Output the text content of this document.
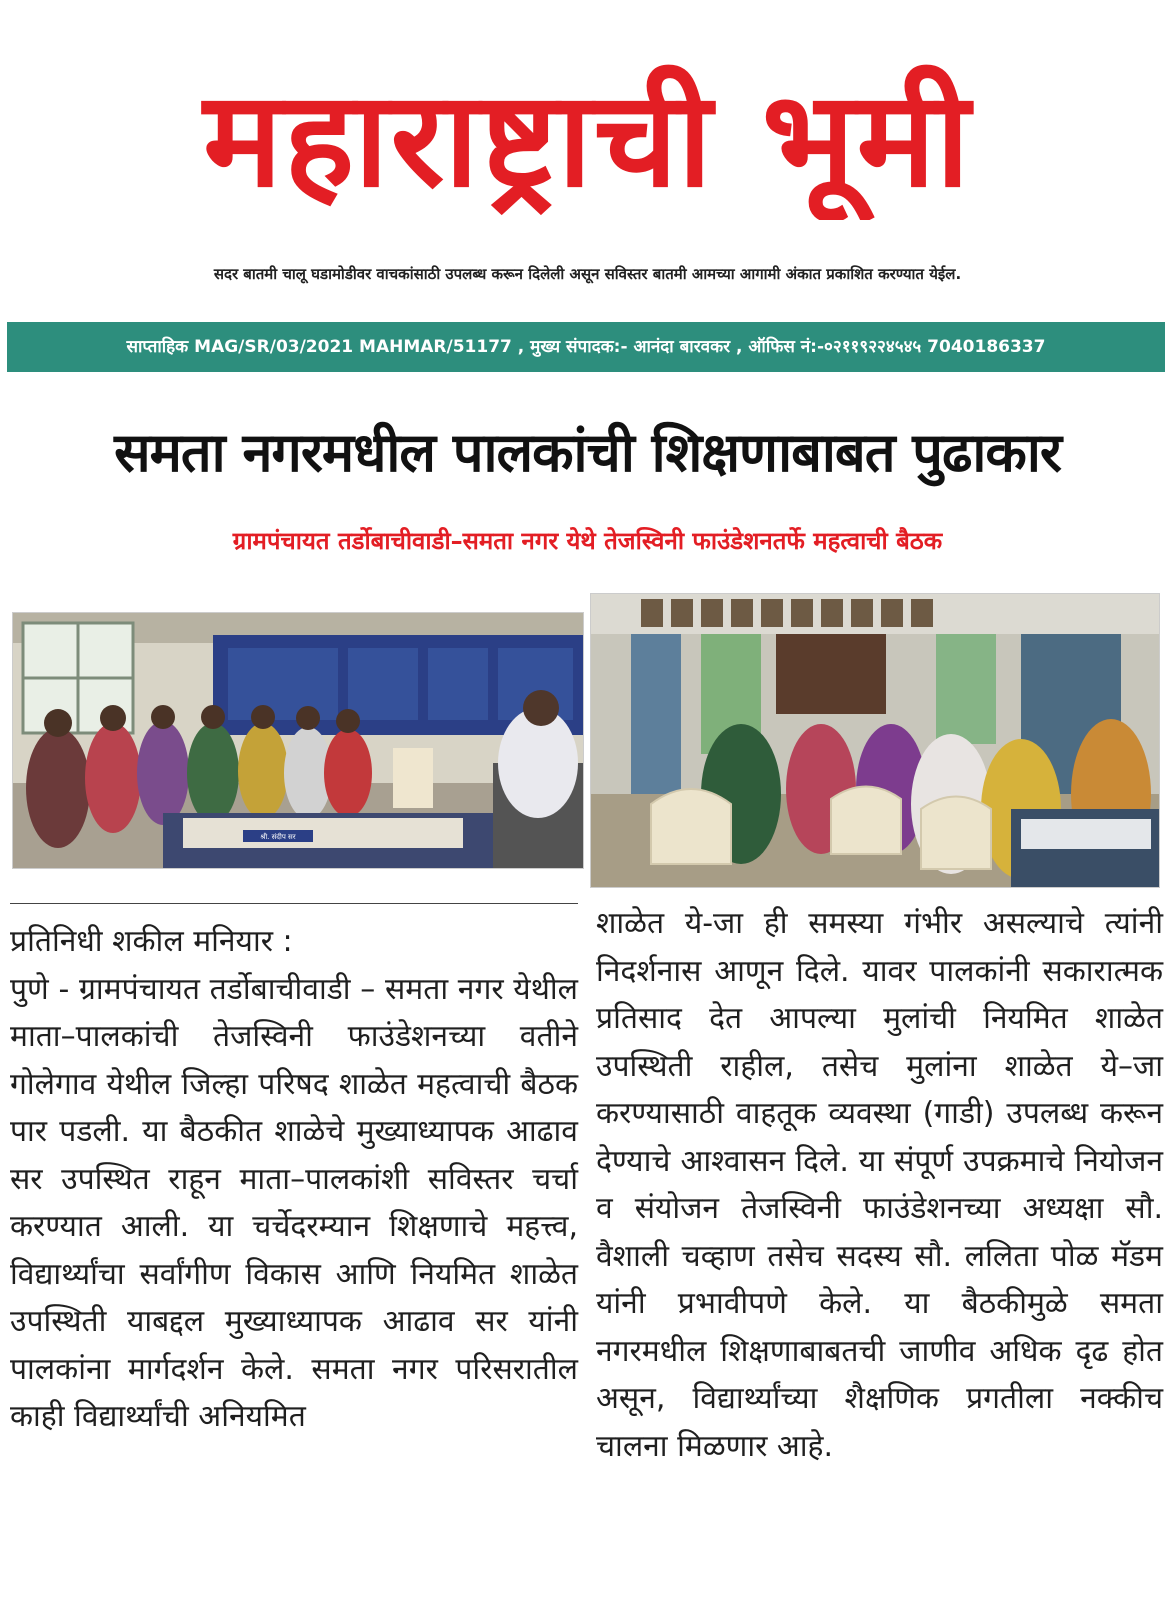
महाराष्ट्राची भूमी
सदर बातमी चालू घडामोडीवर वाचकांसाठी उपलब्ध करून दिलेली असून सविस्तर बातमी आमच्या आगामी अंकात प्रकाशित करण्यात येईल.
साप्ताहिक MAG/SR/03/2021 MAHMAR/51177 , मुख्य संपादक:- आनंदा बारवकर , ऑफिस नं:-०२११९२२४५४५ 7040186337
समता नगरमधील पालकांची शिक्षणाबाबत पुढाकार
ग्रामपंचायत तर्डोबाचीवाडी–समता नगर येथे तेजस्विनी फाउंडेशनतर्फे महत्वाची बैठक
श्री. संदीप सर
प्रतिनिधी शकील मनियार :

पुणे - ग्रामपंचायत तर्डोबाचीवाडी – समता नगर येथील माता–पालकांची तेजस्विनी फाउंडेशनच्या वतीने गोलेगाव येथील जिल्हा परिषद शाळेत महत्वाची बैठक पार पडली. या बैठकीत शाळेचे मुख्याध्यापक आढाव सर उपस्थित राहून माता–पालकांशी सविस्तर चर्चा करण्यात आली. या चर्चेदरम्यान शिक्षणाचे महत्त्व, विद्यार्थ्यांचा सर्वांगीण विकास आणि नियमित शाळेत उपस्थिती याबद्दल मुख्याध्यापक आढाव सर यांनी पालकांना मार्गदर्शन केले. समता नगर परिसरातील काही विद्यार्थ्यांची अनियमित

शाळेत ये-जा ही समस्या गंभीर असल्याचे त्यांनी निदर्शनास आणून दिले. यावर पालकांनी सकारात्मक प्रतिसाद देत आपल्या मुलांची नियमित शाळेत उपस्थिती राहील, तसेच मुलांना शाळेत ये–जा करण्यासाठी वाहतूक व्यवस्था (गाडी) उपलब्ध करून देण्याचे आश्वासन दिले. या संपूर्ण उपक्रमाचे नियोजन व संयोजन तेजस्विनी फाउंडेशनच्या अध्यक्षा सौ. वैशाली चव्हाण तसेच सदस्य सौ. ललिता पोळ मॅडम यांनी प्रभावीपणे केले. या बैठकीमुळे समता नगरमधील शिक्षणाबाबतची जाणीव अधिक दृढ होत असून, विद्यार्थ्यांच्या शैक्षणिक प्रगतीला नक्कीच चालना मिळणार आहे.
